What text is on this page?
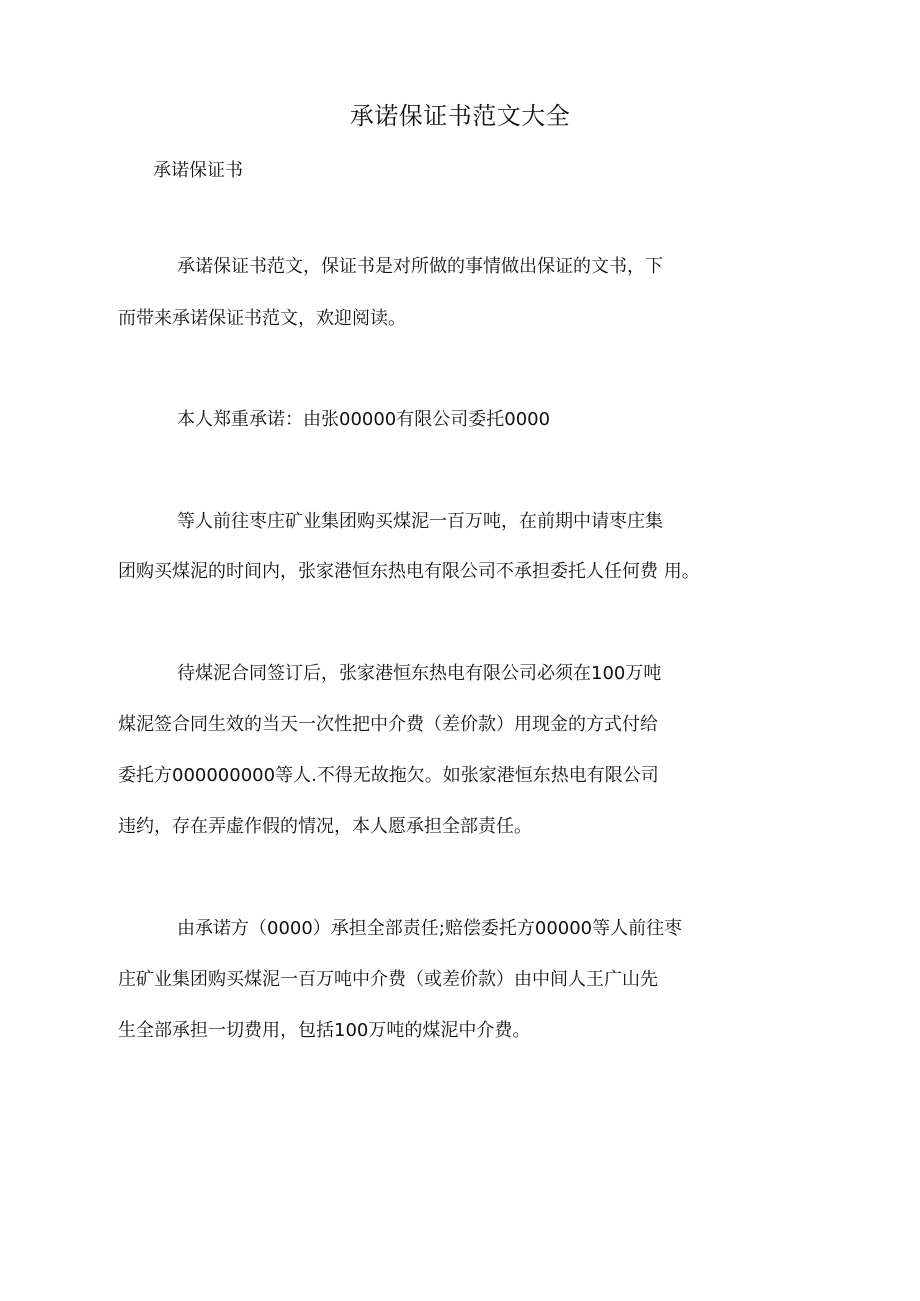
承诺保证书范文大全
承诺保证书
承诺保证书范文，保证书是对所做的事情做出保证的文书，下
而带来承诺保证书范文，欢迎阅读。
本人郑重承诺：由张00000有限公司委托0000
等人前往枣庄矿业集团购买煤泥一百万吨，在前期中请枣庄集
团购买煤泥的时间内，张家港恒东热电有限公司不承担委托人任何费 用。
待煤泥合同签订后，张家港恒东热电有限公司必须在100万吨
煤泥签合同生效的当天一次性把中介费（差价款）用现金的方式付给
委托方000000000等人.不得无故拖欠。如张家港恒东热电有限公司
违约，存在弄虚作假的情况，本人愿承担全部责任。
由承诺方（0000）承担全部责任;赔偿委托方00000等人前往枣
庄矿业集团购买煤泥一百万吨中介费（或差价款）由中间人王广山先
生全部承担一切费用，包括100万吨的煤泥中介费。
